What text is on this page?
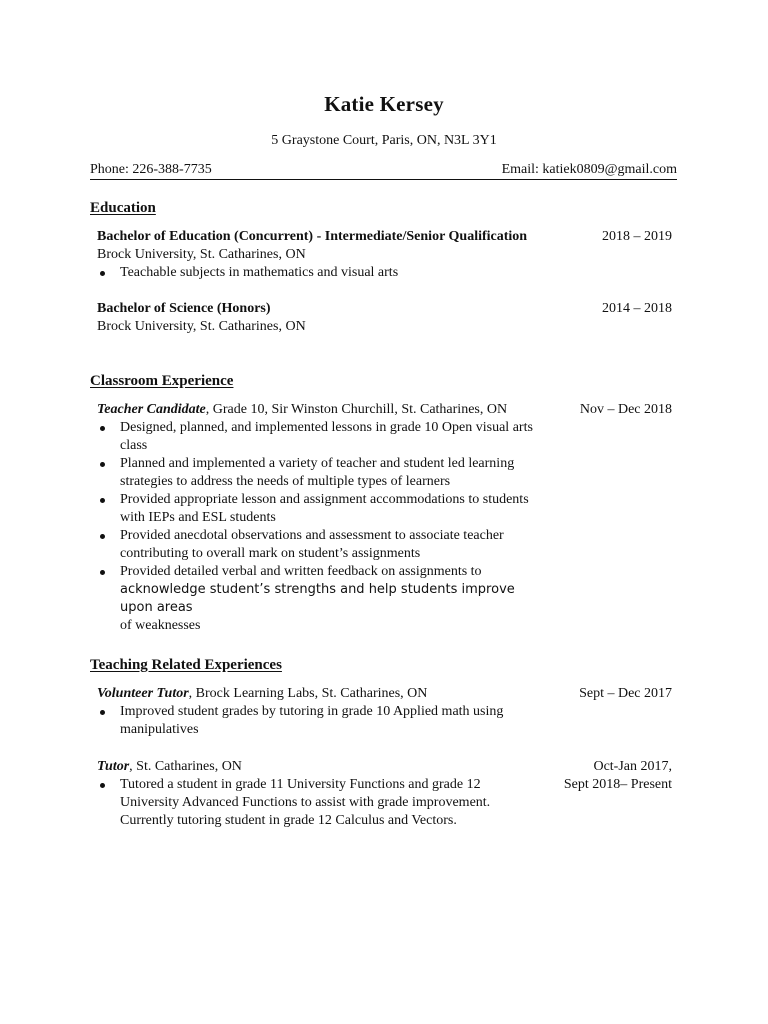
Katie Kersey
5 Graystone Court, Paris, ON, N3L 3Y1
Phone: 226-388-7735	Email: katiek0809@gmail.com
Education
Bachelor of Education (Concurrent) - Intermediate/Senior Qualification	2018 – 2019
Brock University, St. Catharines, ON
Teachable subjects in mathematics and visual arts
Bachelor of Science (Honors)	2014 – 2018
Brock University, St. Catharines, ON
Classroom Experience
Teacher Candidate, Grade 10, Sir Winston Churchill, St. Catharines, ON	Nov – Dec 2018
Designed, planned, and implemented lessons in grade 10 Open visual arts class
Planned and implemented a variety of teacher and student led learning strategies to address the needs of multiple types of learners
Provided appropriate lesson and assignment accommodations to students with IEPs and ESL students
Provided anecdotal observations and assessment to associate teacher contributing to overall mark on student’s assignments
Provided detailed verbal and written feedback on assignments to
acknowledge student’s strengths and help students improve upon areas
of weaknesses
Teaching Related Experiences
Volunteer Tutor, Brock Learning Labs, St. Catharines, ON	Sept – Dec 2017
Improved student grades by tutoring in grade 10 Applied math using manipulatives
Tutor, St. Catharines, ON	Oct-Jan 2017,
Sept 2018– Present
Tutored a student in grade 11 University Functions and grade 12 University Advanced Functions to assist with grade improvement. Currently tutoring student in grade 12 Calculus and Vectors.
